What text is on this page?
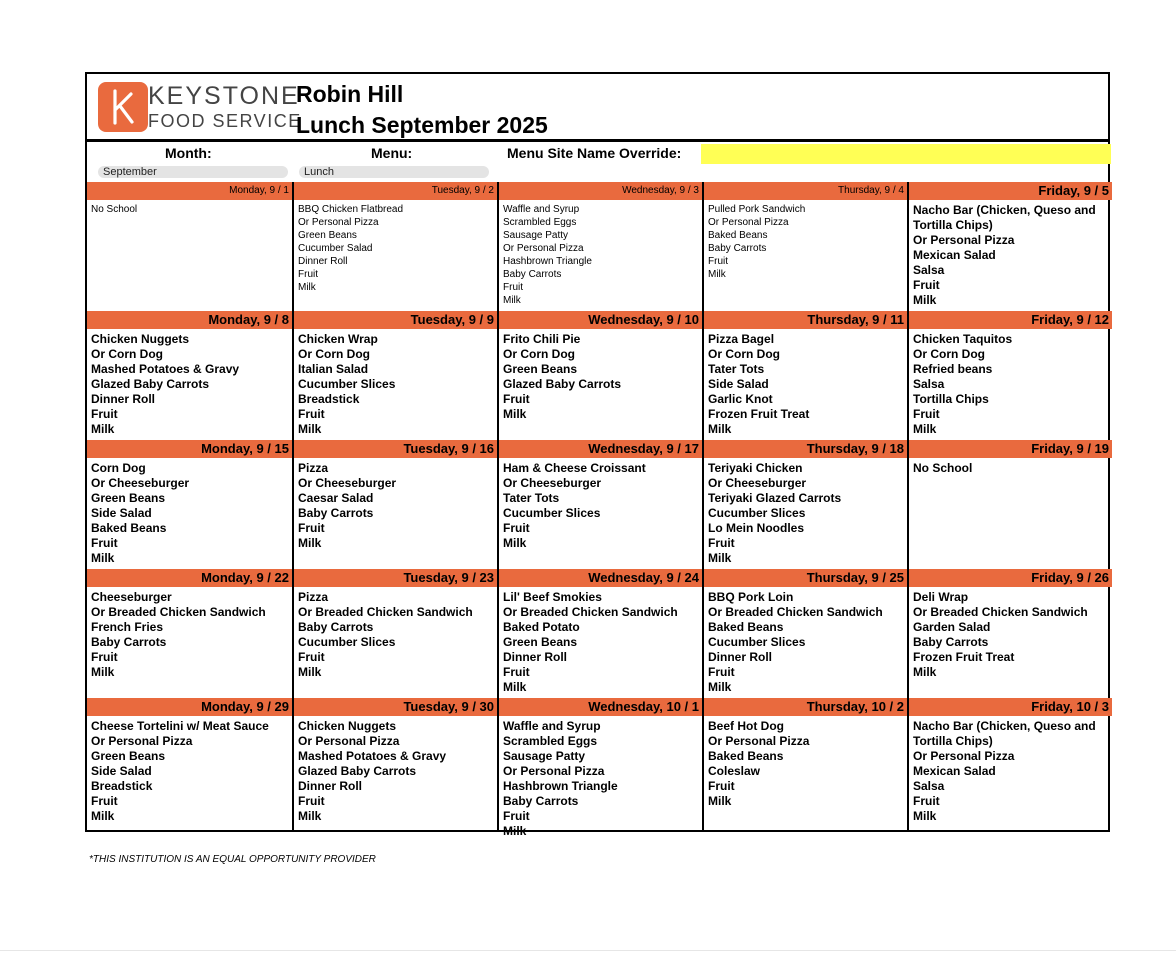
KEYSTONE
FOOD SERVICE
Robin Hill
Lunch September 2025
Month:
September
Menu:
Lunch
Menu Site Name Override:
Monday, 9 / 1
No School
Tuesday, 9 / 2
BBQ Chicken Flatbread
Or Personal Pizza
Green Beans
Cucumber Salad
Dinner Roll
Fruit
Milk
Wednesday, 9 / 3
Waffle and Syrup
Scrambled Eggs
Sausage Patty
Or Personal Pizza
Hashbrown Triangle
Baby Carrots
Fruit
Milk
Thursday, 9 / 4
Pulled Pork Sandwich
Or Personal Pizza
Baked Beans
Baby Carrots
Fruit
Milk
Friday, 9 / 5
Nacho Bar (Chicken, Queso and Tortilla Chips)
Or Personal Pizza
Mexican Salad
Salsa
Fruit
Milk
Monday, 9 / 8
Chicken Nuggets
Or Corn Dog
Mashed Potatoes & Gravy
Glazed Baby Carrots
Dinner Roll
Fruit
Milk
Tuesday, 9 / 9
Chicken Wrap
Or Corn Dog
Italian Salad
Cucumber Slices
Breadstick
Fruit
Milk
Wednesday, 9 / 10
Frito Chili Pie
Or Corn Dog
Green Beans
Glazed Baby Carrots
Fruit
Milk
Thursday, 9 / 11
Pizza Bagel
Or Corn Dog
Tater Tots
Side Salad
Garlic Knot
Frozen Fruit Treat
Milk
Friday, 9 / 12
Chicken Taquitos
Or Corn Dog
Refried beans
Salsa
Tortilla Chips
Fruit
Milk
Monday, 9 / 15
Corn Dog
Or Cheeseburger
Green Beans
Side Salad
Baked Beans
Fruit
Milk
Tuesday, 9 / 16
Pizza
Or Cheeseburger
Caesar Salad
Baby Carrots
Fruit
Milk
Wednesday, 9 / 17
Ham & Cheese Croissant
Or Cheeseburger
Tater Tots
Cucumber Slices
Fruit
Milk
Thursday, 9 / 18
Teriyaki Chicken
Or Cheeseburger
Teriyaki Glazed Carrots
Cucumber Slices
Lo Mein Noodles
Fruit
Milk
Friday, 9 / 19
No School
Monday, 9 / 22
Cheeseburger
Or Breaded Chicken Sandwich
French Fries
Baby Carrots
Fruit
Milk
Tuesday, 9 / 23
Pizza
Or Breaded Chicken Sandwich
Baby Carrots
Cucumber Slices
Fruit
Milk
Wednesday, 9 / 24
Lil' Beef Smokies
Or Breaded Chicken Sandwich
Baked Potato
Green Beans
Dinner Roll
Fruit
Milk
Thursday, 9 / 25
BBQ Pork Loin
Or Breaded Chicken Sandwich
Baked Beans
Cucumber Slices
Dinner Roll
Fruit
Milk
Friday, 9 / 26
Deli Wrap
Or Breaded Chicken Sandwich
Garden Salad
Baby Carrots
Frozen Fruit Treat
Milk
Monday, 9 / 29
Cheese Tortelini w/ Meat Sauce
Or Personal Pizza
Green Beans
Side Salad
Breadstick
Fruit
Milk
Tuesday, 9 / 30
Chicken Nuggets
Or Personal Pizza
Mashed Potatoes & Gravy
Glazed Baby Carrots
Dinner Roll
Fruit
Milk
Wednesday, 10 / 1
Waffle and Syrup
Scrambled Eggs
Sausage Patty
Or Personal Pizza
Hashbrown Triangle
Baby Carrots
Fruit
Milk
Thursday, 10 / 2
Beef Hot Dog
Or Personal Pizza
Baked Beans
Coleslaw
Fruit
Milk
Friday, 10 / 3
Nacho Bar (Chicken, Queso and Tortilla Chips)
Or Personal Pizza
Mexican Salad
Salsa
Fruit
Milk
*THIS INSTITUTION IS AN EQUAL OPPORTUNITY PROVIDER
